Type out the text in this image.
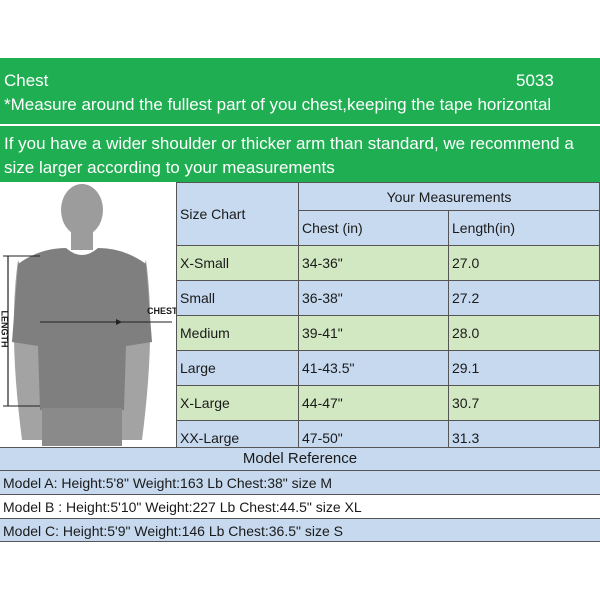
Chest	5033
*Measure around the fullest part of you chest,keeping the tape horizontal
If you have a wider shoulder or thicker arm than standard, we recommend a size larger according to your measurements
CHEST
LENGTH
Size Chart	Your Measurements	
	Chest (in)	Length(in)
X-Small	34-36"	27.0
Small	36-38"	27.2
Medium	39-41"	28.0
Large	41-43.5"	29.1
X-Large	44-47"	30.7
XX-Large	47-50"	31.3
Model Reference
Model A: Height:5'8" Weight:163 Lb Chest:38" size M
Model B : Height:5'10" Weight:227 Lb Chest:44.5" size XL
Model C: Height:5'9" Weight:146 Lb Chest:36.5" size S
